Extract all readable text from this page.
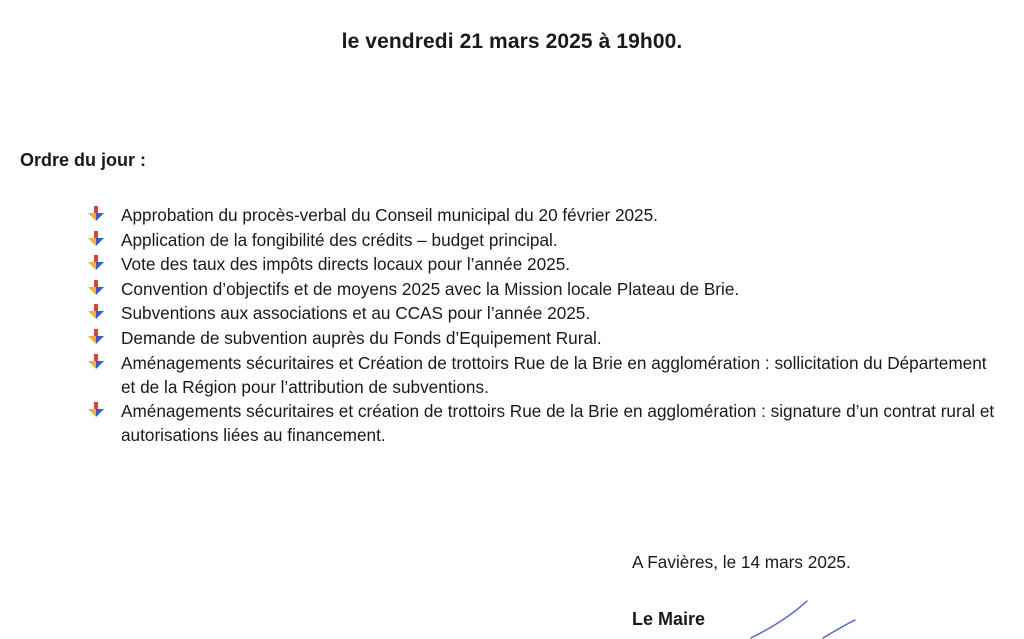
le vendredi 21 mars 2025 à 19h00.
Ordre du jour :
Approbation du procès-verbal du Conseil municipal du 20 février 2025.
Application de la fongibilité des crédits – budget principal.
Vote des taux des impôts directs locaux pour l’année 2025.
Convention d’objectifs et de moyens 2025 avec la Mission locale Plateau de Brie.
Subventions aux associations et au CCAS pour l’année 2025.
Demande de subvention auprès du Fonds d’Equipement Rural.
Aménagements sécuritaires et Création de trottoirs Rue de la Brie en agglomération : sollicitation du Département et de la Région pour l’attribution de subventions.
Aménagements sécuritaires et création de trottoirs Rue de la Brie en agglomération : signature d’un contrat rural et autorisations liées au financement.
A Favières, le 14 mars 2025.
Le Maire
